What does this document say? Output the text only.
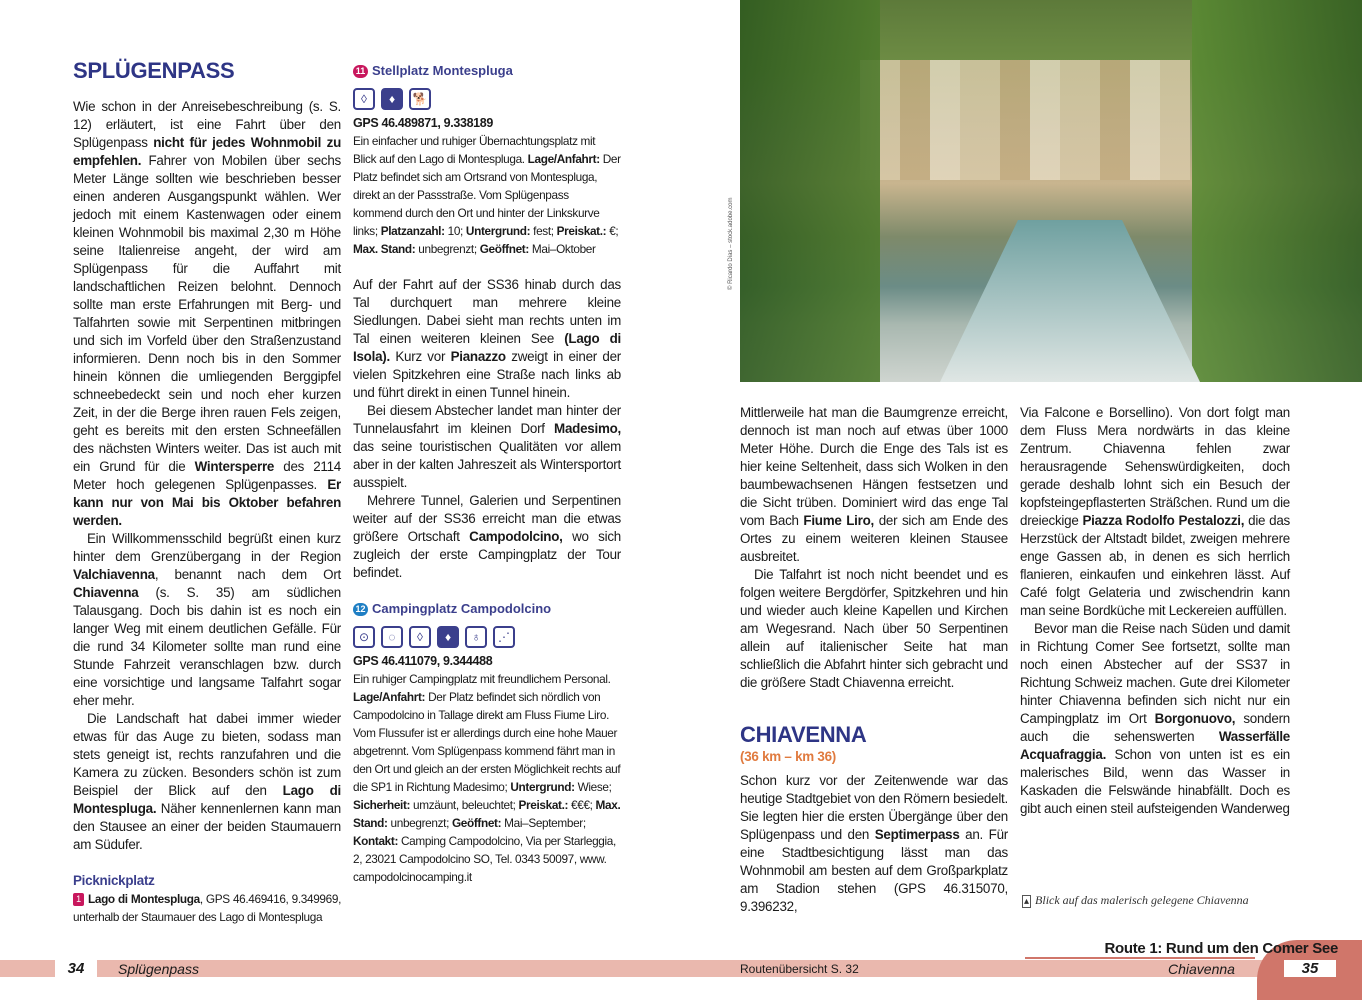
SPLÜGENPASS

Wie schon in der Anreisebeschreibung (s. S. 12) erläutert, ist eine Fahrt über den Splügenpass nicht für jedes Wohnmobil zu empfehlen. Fahrer von Mobilen über sechs Meter Länge sollten wie beschrieben besser einen anderen Ausgangspunkt wählen. Wer jedoch mit einem Kastenwagen oder einem kleinen Wohnmobil bis maximal 2,30 m Höhe seine Italienreise angeht, der wird am Splügenpass für die Auffahrt mit landschaftlichen Reizen belohnt. Dennoch sollte man erste Erfahrungen mit Berg- und Talfahrten sowie mit Serpentinen mitbringen und sich im Vorfeld über den Straßenzustand informieren. Denn noch bis in den Sommer hinein können die umliegenden Berggipfel schneebedeckt sein und noch eher kurzen Zeit, in der die Berge ihren rauen Fels zeigen, geht es bereits mit den ersten Schneefällen des nächsten Winters weiter. Das ist auch mit ein Grund für die Wintersperre des 2114 Meter hoch gelegenen Splügenpasses. Er kann nur von Mai bis Oktober befahren werden.

Ein Willkommensschild begrüßt einen kurz hinter dem Grenzübergang in der Region Valchiavenna, benannt nach dem Ort Chiavenna (s. S. 35) am südlichen Talausgang. Doch bis dahin ist es noch ein langer Weg mit einem deutlichen Gefälle. Für die rund 34 Kilometer sollte man rund eine Stunde Fahrzeit veranschlagen bzw. durch eine vorsichtige und langsame Talfahrt sogar eher mehr.

Die Landschaft hat dabei immer wieder etwas für das Auge zu bieten, sodass man stets geneigt ist, rechts ranzufahren und die Kamera zu zücken. Besonders schön ist zum Beispiel der Blick auf den Lago di Montespluga. Näher kennenlernen kann man den Stausee an einer der beiden Staumauern am Südufer.

Picknickplatz

1 Lago di Montespluga, GPS 46.469416, 9.349969, unterhalb der Staumauer des Lago di Montespluga

11 Stellplatz Montespluga

◊	♦	🐕

GPS 46.489871, 9.338189

Ein einfacher und ruhiger Übernachtungsplatz mit Blick auf den Lago di Montespluga. Lage/Anfahrt: Der Platz befindet sich am Ortsrand von Montespluga, direkt an der Passstraße. Vom Splügenpass kommend durch den Ort und hinter der Linkskurve links; Platzanzahl: 10; Untergrund: fest; Preiskat.: €; Max. Stand: unbegrenzt; Geöffnet: Mai–Oktober

Auf der Fahrt auf der SS36 hinab durch das Tal durchquert man mehrere kleine Siedlungen. Dabei sieht man rechts unten im Tal einen weiteren kleinen See (Lago di Isola). Kurz vor Pianazzo zweigt in einer der vielen Spitzkehren eine Straße nach links ab und führt direkt in einen Tunnel hinein.

Bei diesem Abstecher landet man hinter der Tunnelausfahrt im kleinen Dorf Madesimo, das seine touristischen Qualitäten vor allem aber in der kalten Jahreszeit als Wintersportort ausspielt.

Mehrere Tunnel, Galerien und Serpentinen weiter auf der SS36 erreicht man die etwas größere Ortschaft Campodolcino, wo sich zugleich der erste Campingplatz der Tour befindet.

12 Campingplatz Campodolcino

⊙	◌	◊	♦	♁	⋰

GPS 46.411079, 9.344488

Ein ruhiger Campingplatz mit freundlichem Personal. Lage/Anfahrt: Der Platz befindet sich nördlich von Campodolcino in Tallage direkt am Fluss Fiume Liro. Vom Flussufer ist er allerdings durch eine hohe Mauer abgetrennt. Vom Splügenpass kommend fährt man in den Ort und gleich an der ersten Möglichkeit rechts auf die SP1 in Richtung Madesimo; Untergrund: Wiese; Sicherheit: umzäunt, beleuchtet; Preiskat.: €€€; Max. Stand: unbegrenzt; Geöffnet: Mai–September; Kontakt: Camping Campodolcino, Via per Starleggia, 2, 23021 Campodolcino SO, Tel. 0343 50097, www. campodolcinocamping.it

© Ricardo Dias – stock.adobe.com

Mittlerweile hat man die Baumgrenze erreicht, dennoch ist man noch auf etwas über 1000 Meter Höhe. Durch die Enge des Tals ist es hier keine Seltenheit, dass sich Wolken in den baumbewachsenen Hängen festsetzen und die Sicht trüben. Dominiert wird das enge Tal vom Bach Fiume Liro, der sich am Ende des Ortes zu einem weiteren kleinen Stausee ausbreitet.

Die Talfahrt ist noch nicht beendet und es folgen weitere Bergdörfer, Spitzkehren und hin und wieder auch kleine Kapellen und Kirchen am Wegesrand. Nach über 50 Serpentinen allein auf italienischer Seite hat man schließlich die Abfahrt hinter sich gebracht und die größere Stadt Chiavenna erreicht.

CHIAVENNA

(36 km – km 36)

Schon kurz vor der Zeitenwende war das heutige Stadtgebiet von den Römern besiedelt. Sie legten hier die ersten Übergänge über den Splügenpass und den Septimerpass an. Für eine Stadtbesichtigung lässt man das Wohnmobil am besten auf dem Großparkplatz am Stadion stehen (GPS 46.315070, 9.396232,

Via Falcone e Borsellino). Von dort folgt man dem Fluss Mera nordwärts in das kleine Zentrum. Chiavenna fehlen zwar herausragende Sehenswürdigkeiten, doch gerade deshalb lohnt sich ein Besuch der kopfsteingepflasterten Sträßchen. Rund um die dreieckige Piazza Rodolfo Pestalozzi, die das Herzstück der Altstadt bildet, zweigen mehrere enge Gassen ab, in denen es sich herrlich flanieren, einkaufen und einkehren lässt. Auf Café folgt Gelateria und zwischendrin kann man seine Bordküche mit Leckereien auffüllen.

Bevor man die Reise nach Süden und damit in Richtung Comer See fortsetzt, sollte man noch einen Abstecher auf der SS37 in Richtung Schweiz machen. Gute drei Kilometer hinter Chiavenna befinden sich nicht nur ein Campingplatz im Ort Borgonuovo, sondern auch die sehenswerten Wasserfälle Acquafraggia. Schon von unten ist es ein malerisches Bild, wenn das Wasser in Kaskaden die Felswände hinabfällt. Doch es gibt auch einen steil aufsteigenden Wanderweg

▴ Blick auf das malerisch gelegene Chiavenna
Route 1: Rund um den Comer See
34	Splügenpass	Routenübersicht S. 32	Chiavenna	35
